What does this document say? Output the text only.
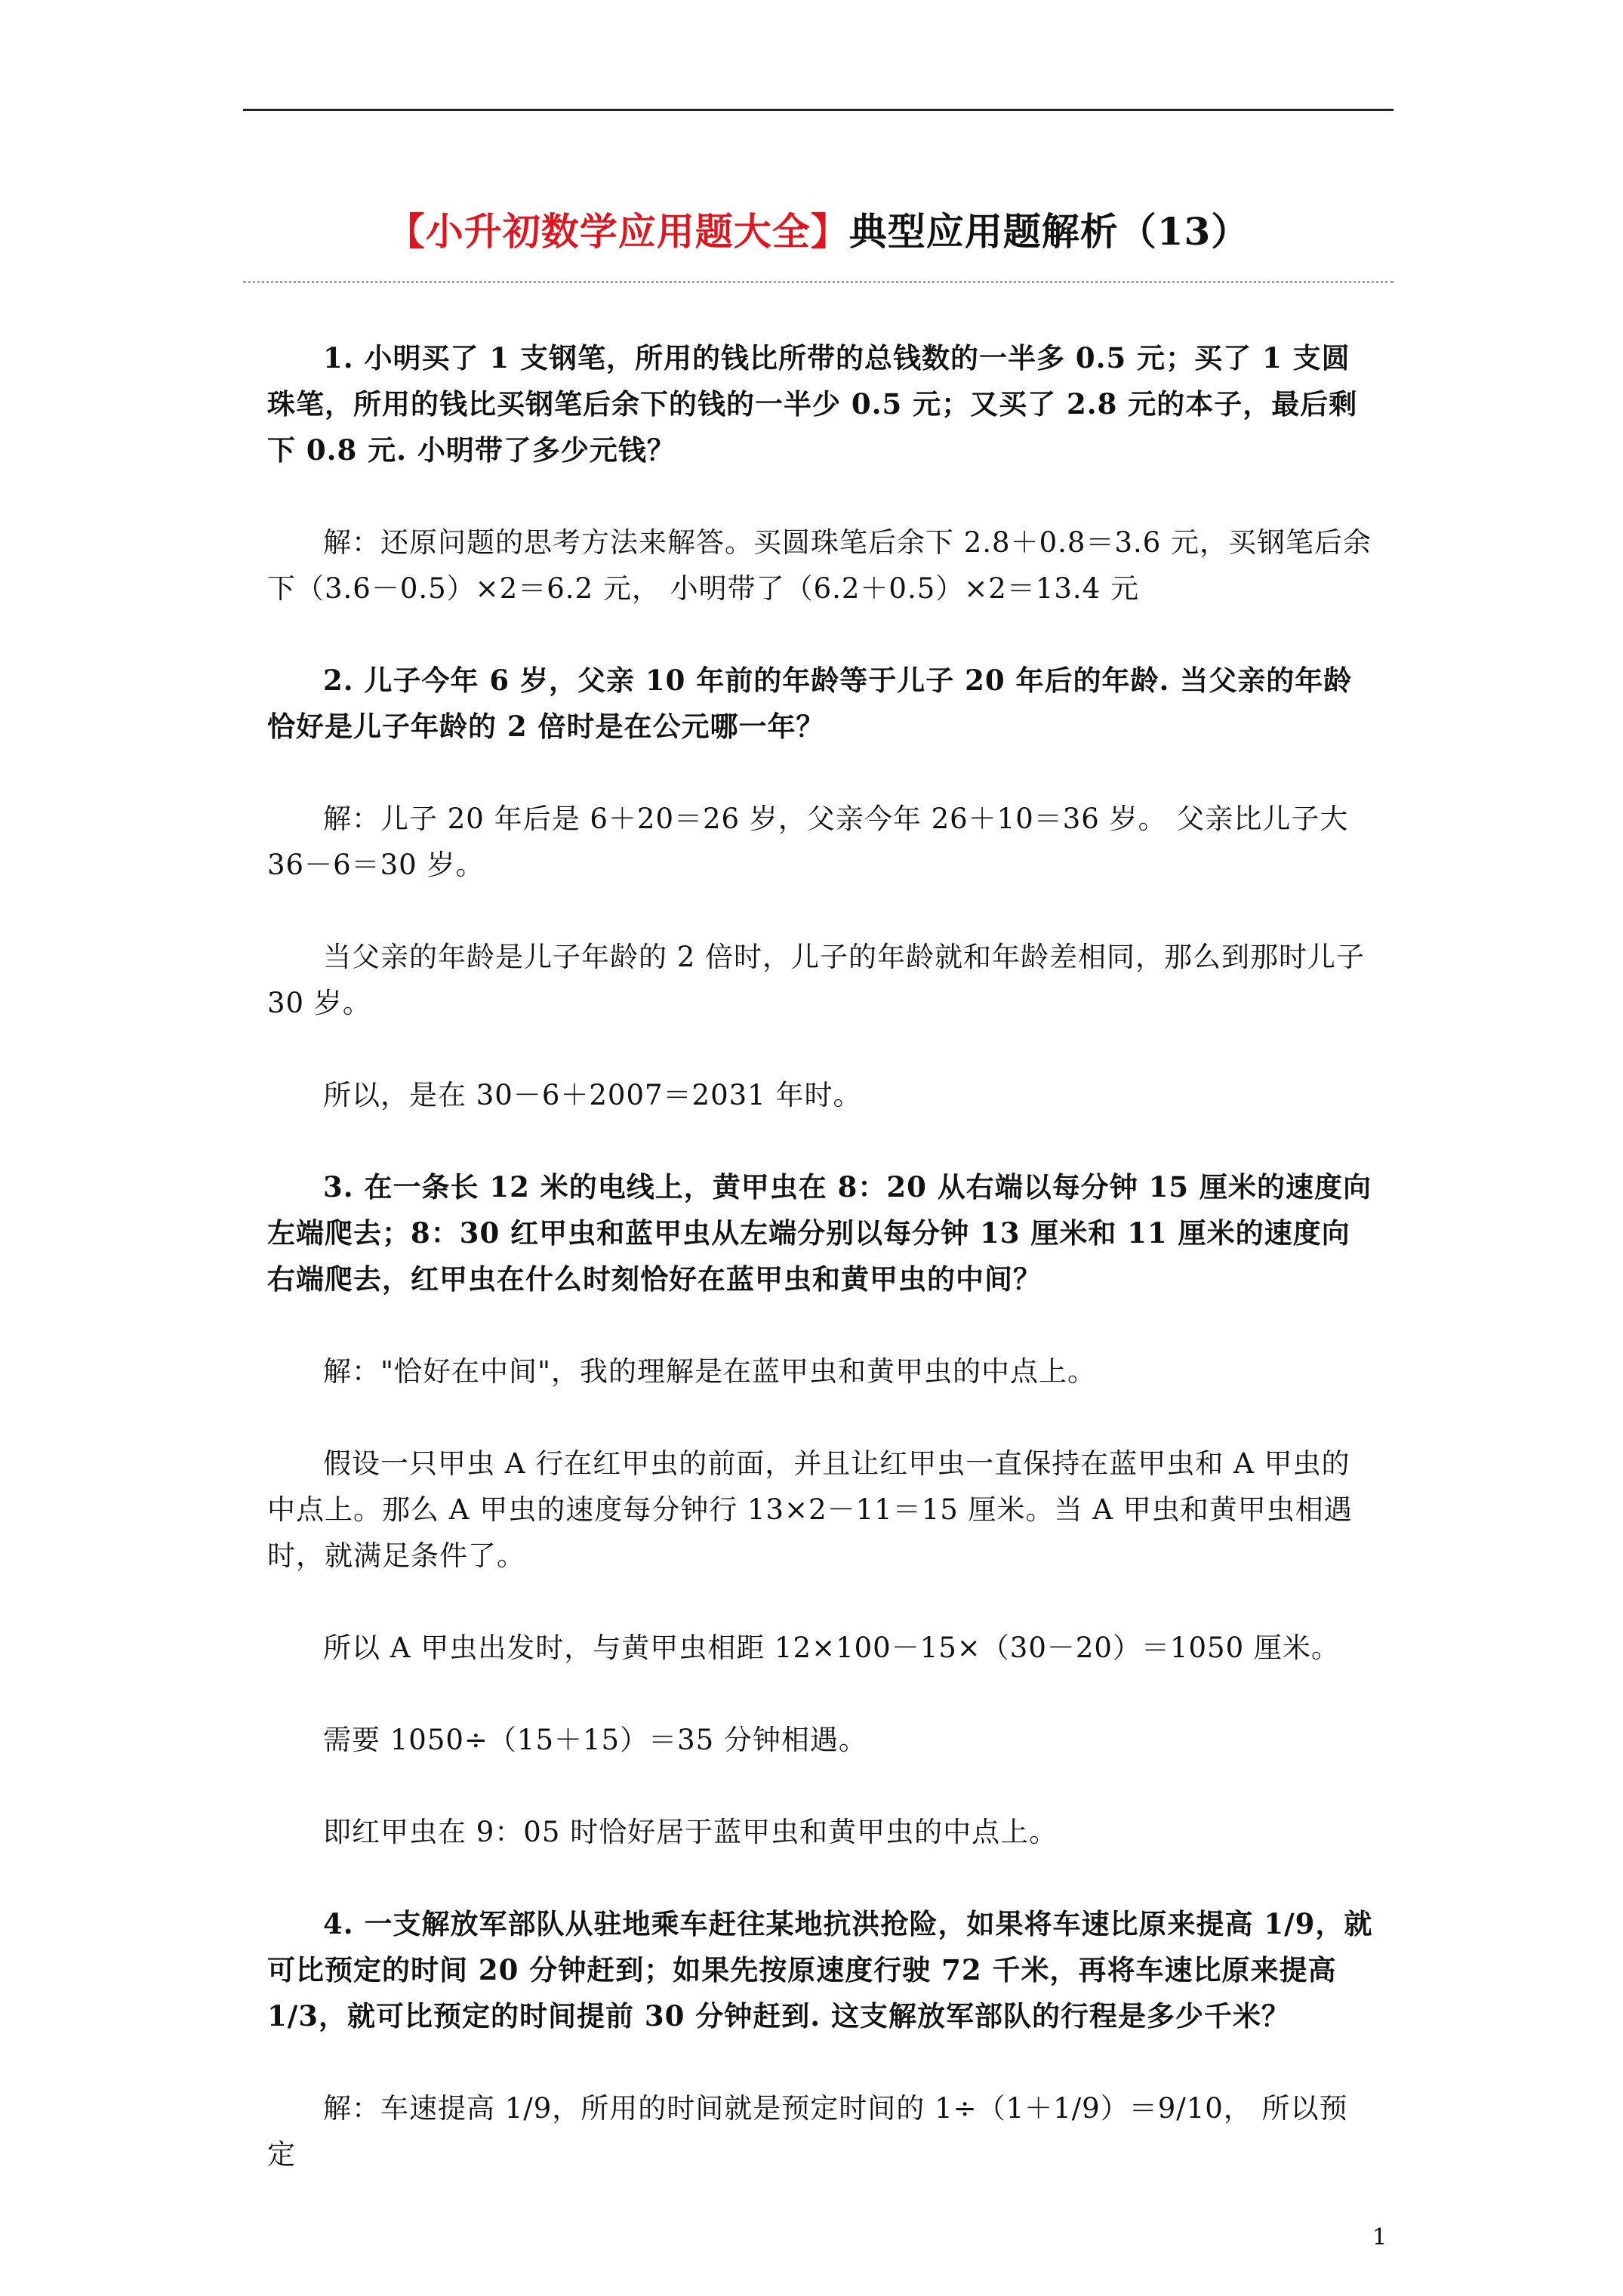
【小升初数学应用题大全】典型应用题解析（13）

1. 小明买了 1 支钢笔，所用的钱比所带的总钱数的一半多 0.5 元；买了 1 支圆珠笔，所用的钱比买钢笔后余下的钱的一半少 0.5 元；又买了 2.8 元的本子，最后剩下 0.8 元. 小明带了多少元钱？

解：还原问题的思考方法来解答。买圆珠笔后余下 2.8＋0.8＝3.6 元，买钢笔后余下（3.6－0.5）×2＝6.2 元， 小明带了（6.2＋0.5）×2＝13.4 元

2. 儿子今年 6 岁，父亲 10 年前的年龄等于儿子 20 年后的年龄. 当父亲的年龄恰好是儿子年龄的 2 倍时是在公元哪一年？

解：儿子 20 年后是 6＋20＝26 岁，父亲今年 26＋10＝36 岁。 父亲比儿子大 36－6＝30 岁。

当父亲的年龄是儿子年龄的 2 倍时，儿子的年龄就和年龄差相同，那么到那时儿子 30 岁。

所以，是在 30－6＋2007＝2031 年时。

3. 在一条长 12 米的电线上，黄甲虫在 8：20 从右端以每分钟 15 厘米的速度向左端爬去；8：30 红甲虫和蓝甲虫从左端分别以每分钟 13 厘米和 11 厘米的速度向右端爬去，红甲虫在什么时刻恰好在蓝甲虫和黄甲虫的中间？

解："恰好在中间"，我的理解是在蓝甲虫和黄甲虫的中点上。

假设一只甲虫 A 行在红甲虫的前面，并且让红甲虫一直保持在蓝甲虫和 A 甲虫的中点上。那么 A 甲虫的速度每分钟行 13×2－11＝15 厘米。当 A 甲虫和黄甲虫相遇时，就满足条件了。

所以 A 甲虫出发时，与黄甲虫相距 12×100－15×（30－20）＝1050 厘米。

需要 1050÷（15＋15）＝35 分钟相遇。

即红甲虫在 9：05 时恰好居于蓝甲虫和黄甲虫的中点上。

4. 一支解放军部队从驻地乘车赶往某地抗洪抢险，如果将车速比原来提高 1/9，就可比预定的时间 20 分钟赶到；如果先按原速度行驶 72 千米，再将车速比原来提高 1/3，就可比预定的时间提前 30 分钟赶到. 这支解放军部队的行程是多少千米？

解：车速提高 1/9，所用的时间就是预定时间的 1÷（1＋1/9）＝9/10， 所以预定

1
